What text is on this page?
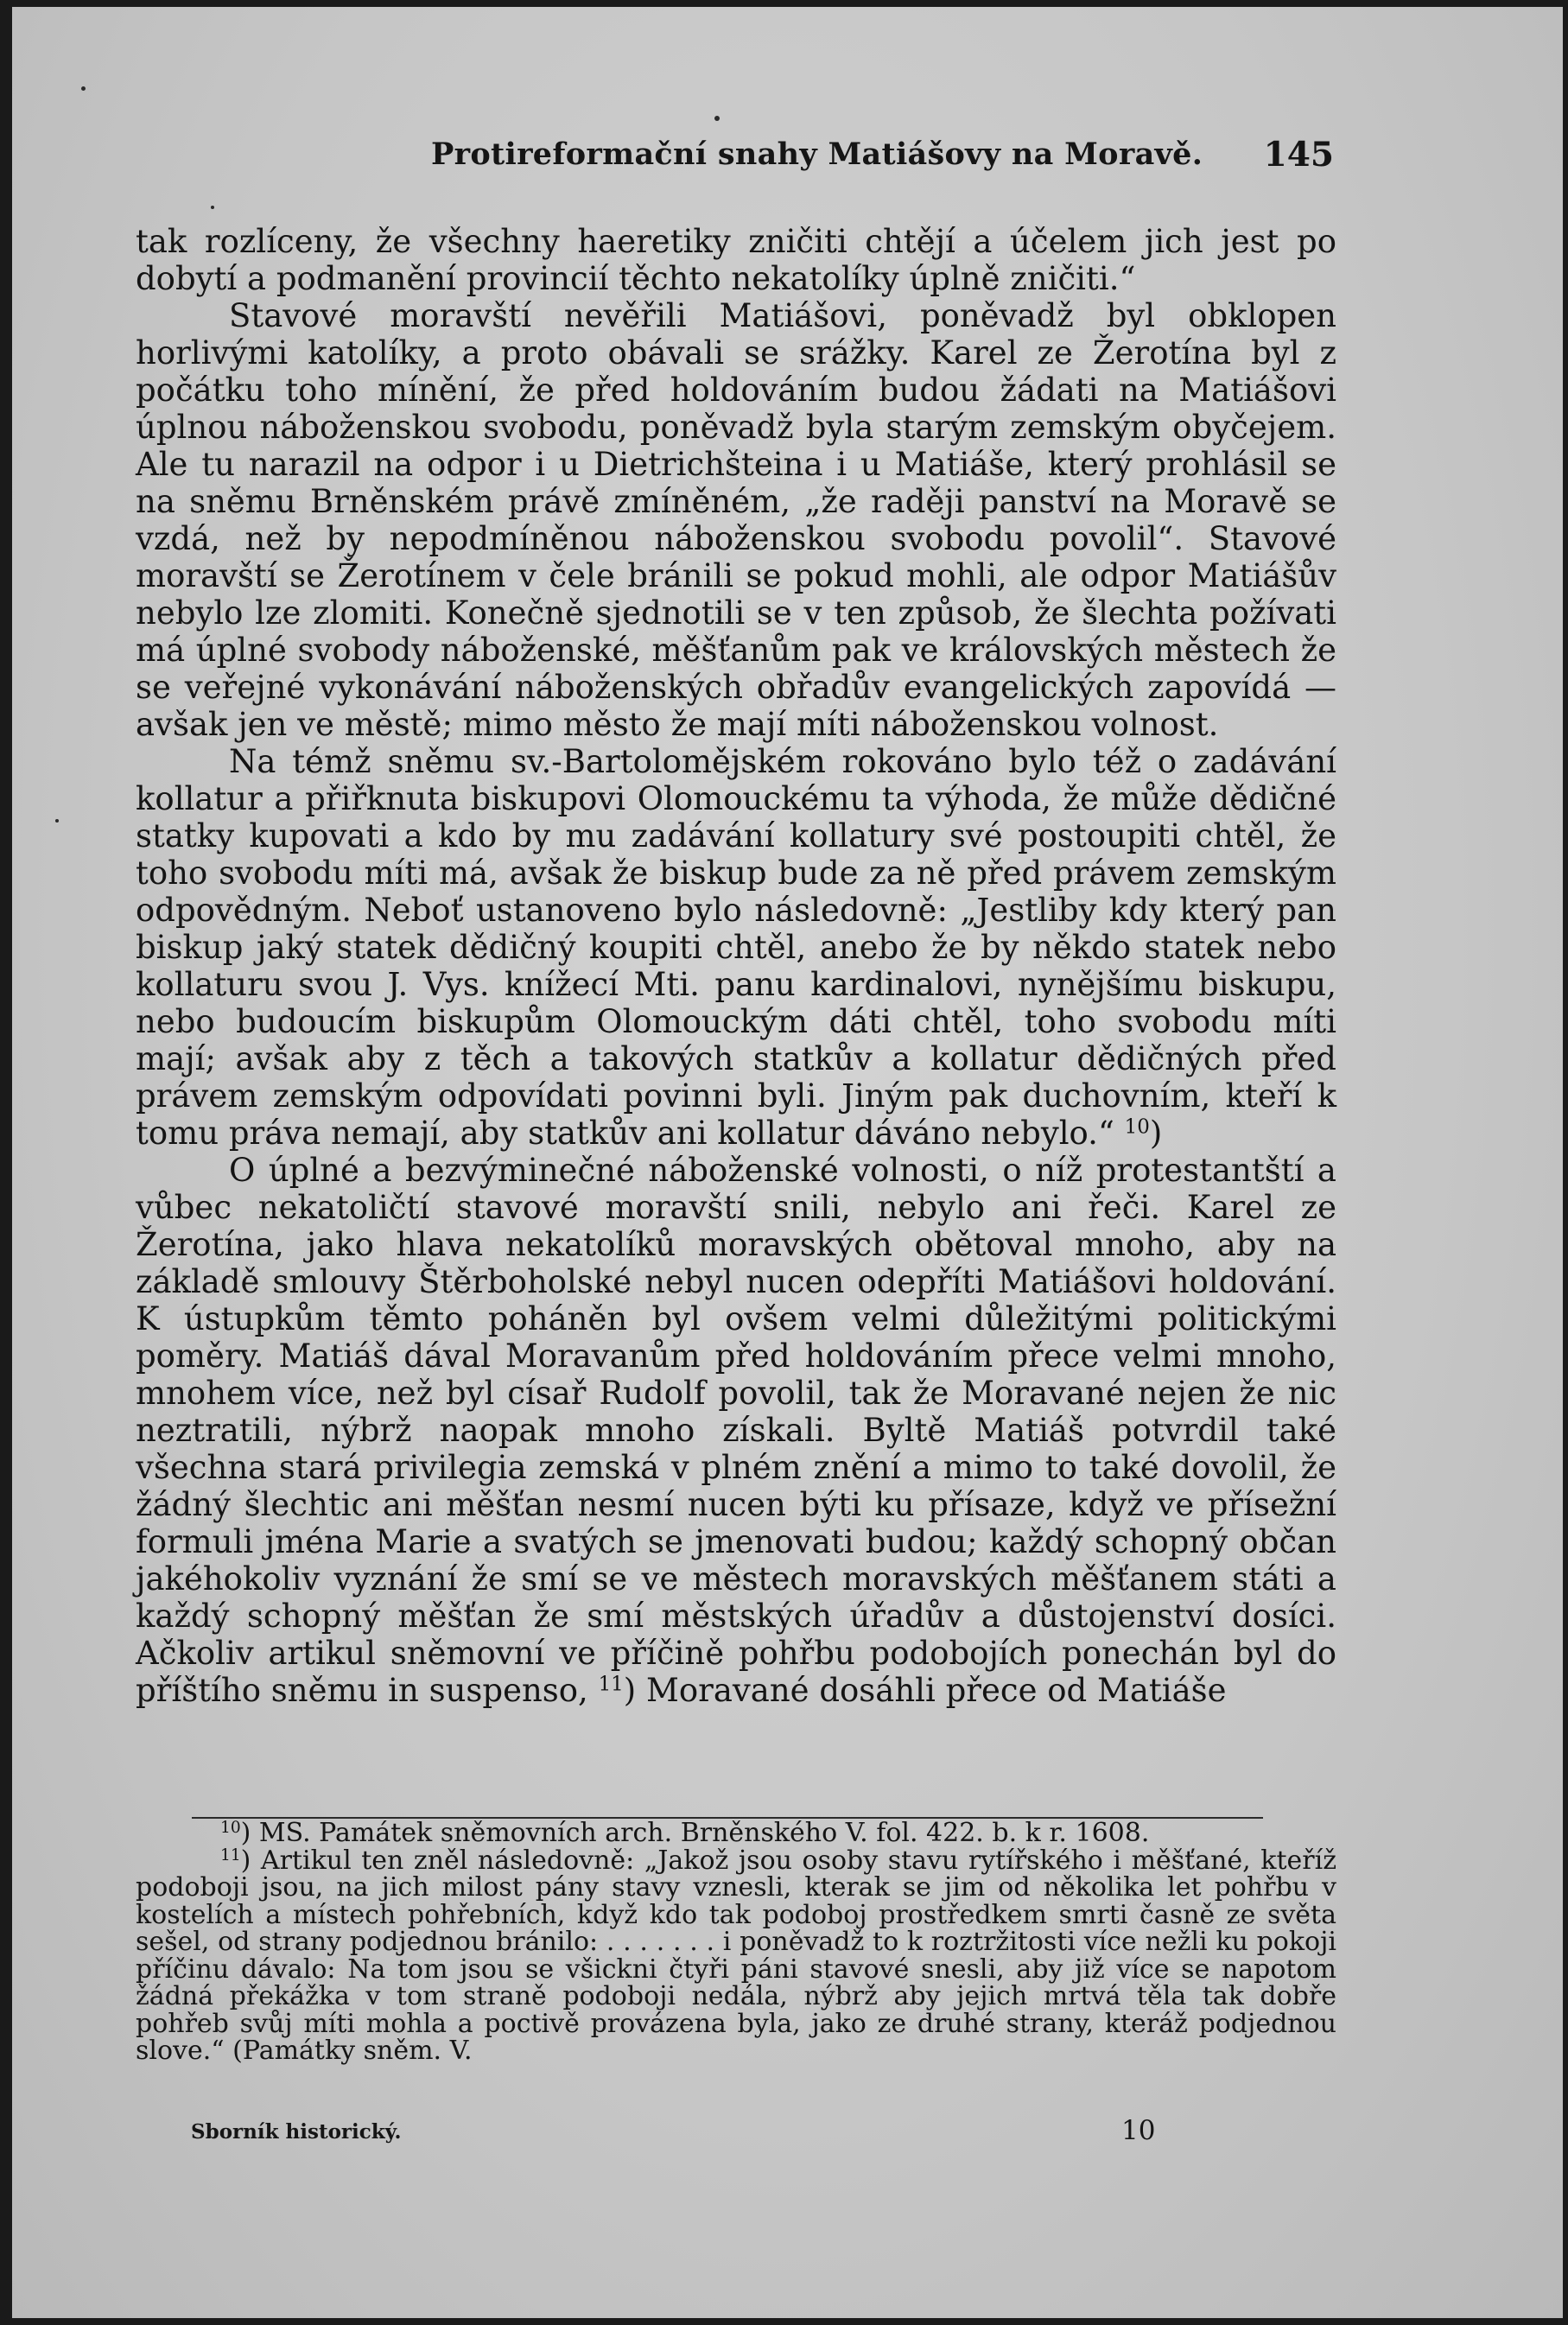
Protireformační snahy Matiášovy na Moravě. 145

tak rozlíceny, že všechny haeretiky zničiti chtějí a účelem jich jest po dobytí a podmanění provincií těchto nekatolíky úplně zničiti.“

Stavové moravští nevěřili Matiášovi, poněvadž byl obklopen horlivými katolíky, a proto obávali se srážky. Karel ze Žerotína byl z počátku toho mínění, že před holdováním budou žádati na Matiášovi úplnou náboženskou svobodu, poněvadž byla starým zemským obyčejem. Ale tu narazil na odpor i u Dietrichšteina i u Matiáše, který prohlásil se na sněmu Brněnském právě zmíněném, „že raději panství na Moravě se vzdá, než by nepodmíněnou náboženskou svobodu povolil“. Stavové moravští se Žerotínem v čele bránili se pokud mohli, ale odpor Matiášův nebylo lze zlomiti. Konečně sjednotili se v ten způsob, že šlechta požívati má úplné svobody náboženské, měšťanům pak ve královských městech že se veřejné vykonávání náboženských obřadův evangelických zapovídá — avšak jen ve městě; mimo město že mají míti náboženskou volnost.

Na témž sněmu sv.-Bartolomějském rokováno bylo též o zadávání kollatur a přiřknuta biskupovi Olomouckému ta výhoda, že může dědičné statky kupovati a kdo by mu zadávání kollatury své postoupiti chtěl, že toho svobodu míti má, avšak že biskup bude za ně před právem zemským odpovědným. Neboť ustanoveno bylo následovně: „Jestliby kdy který pan biskup jaký statek dědičný koupiti chtěl, anebo že by někdo statek nebo kollaturu svou J. Vys. knížecí Mti. panu kardinalovi, nynějšímu biskupu, nebo budoucím biskupům Olomouckým dáti chtěl, toho svobodu míti mají; avšak aby z těch a takových statkův a kollatur dědičných před právem zemským odpovídati povinni byli. Jiným pak duchovním, kteří k tomu práva nemají, aby statkův ani kollatur dáváno nebylo.“ $^{10}$)

O úplné a bezvýminečné náboženské volnosti, o níž protestantští a vůbec nekatoličtí stavové moravští snili, nebylo ani řeči. Karel ze Žerotína, jako hlava nekatolíků moravských obětoval mnoho, aby na základě smlouvy Štěrboholské nebyl nucen odepříti Matiášovi holdování. K ústupkům těmto poháněn byl ovšem velmi důležitými politickými poměry. Matiáš dával Moravanům před holdováním přece velmi mnoho, mnohem více, než byl císař Rudolf povolil, tak že Moravané nejen že nic neztratili, nýbrž naopak mnoho získali. Byltě Matiáš potvrdil také všechna stará privilegia zemská v plném znění a mimo to také dovolil, že žádný šlechtic ani měšťan nesmí nucen býti ku přísaze, když ve přísežní formuli jména Marie a svatých se jmenovati budou; každý schopný občan jakéhokoliv vyznání že smí se ve městech moravských měšťanem státi a každý schopný měšťan že smí městských úřadův a důstojenství dosíci. Ačkoliv artikul sněmovní ve příčině pohřbu podobojích ponechán byl do příštího sněmu in suspenso, $^{11}$) Moravané dosáhli přece od Matiáše

$^{10}$) MS. Památek sněmovních arch. Brněnského V. fol. 422. b. k r. 1608.

$^{11}$) Artikul ten zněl následovně: „Jakož jsou osoby stavu rytířského i měšťané, kteříž podoboji jsou, na jich milost pány stavy vznesli, kterak se jim od několika let pohřbu v kostelích a místech pohřebních, když kdo tak podoboj prostředkem smrti časně ze světa sešel, od strany podjednou bránilo: . . . . . . . i poněvadž to k roztržitosti více nežli ku pokoji příčinu dávalo: Na tom jsou se všickni čtyři páni stavové snesli, aby již více se napotom žádná překážka v tom straně podoboji nedála, nýbrž aby jejich mrtvá těla tak dobře pohřeb svůj míti mohla a poctivě provázena byla, jako ze druhé strany, kteráž podjednou slove.“ (Památky sněm. V.

Sborník historický.	10
